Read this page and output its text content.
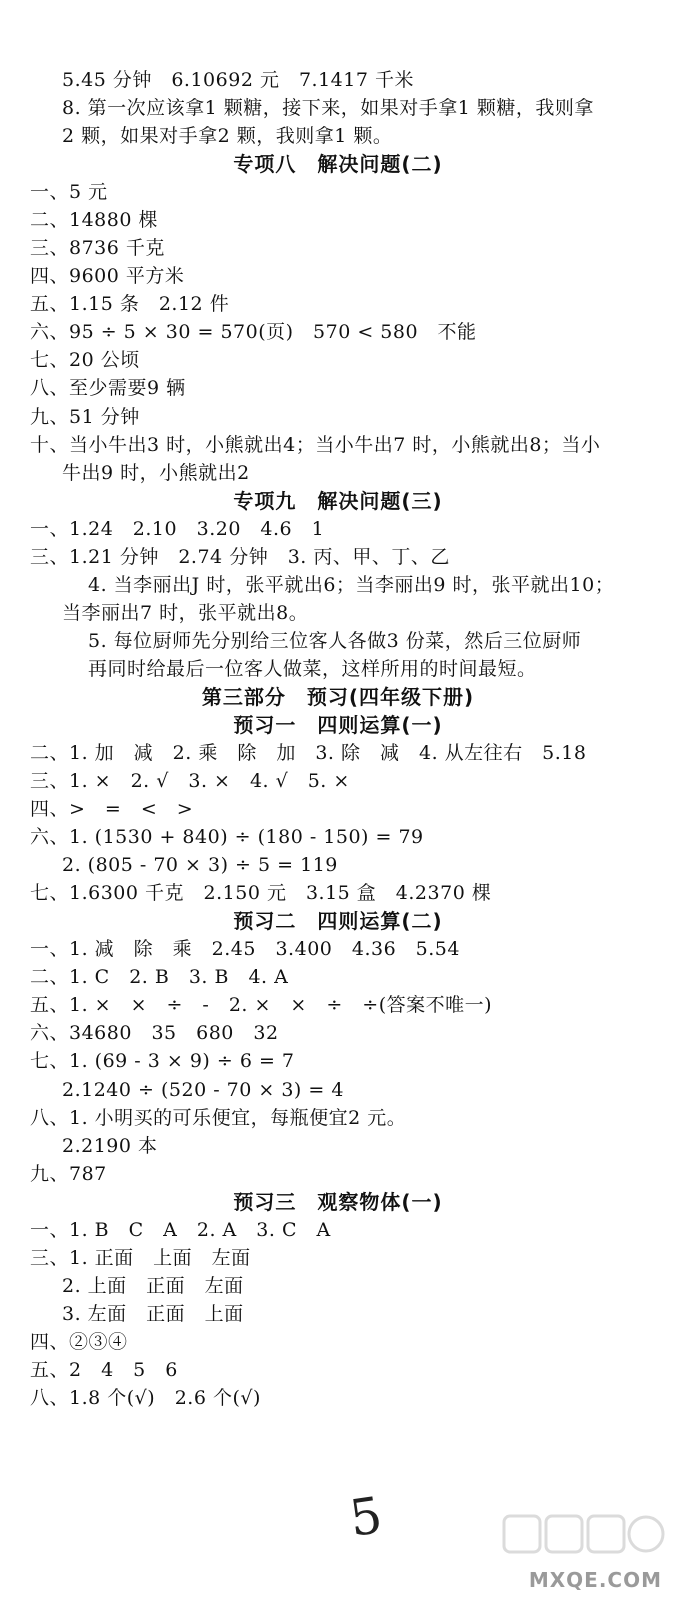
5.45 分钟　6.10692 元　7.1417 千米
8. 第一次应该拿1 颗糖，接下来，如果对手拿1 颗糖，我则拿
2 颗，如果对手拿2 颗，我则拿1 颗。
专项八　解决问题(二)
一、5 元
二、14880 棵
三、8736 千克
四、9600 平方米
五、1.15 条　2.12 件
六、95 ÷ 5 × 30 = 570(页)　570 < 580　不能
七、20 公顷
八、至少需要9 辆
九、51 分钟
十、当小牛出3 时，小熊就出4；当小牛出7 时，小熊就出8；当小
牛出9 时，小熊就出2
专项九　解决问题(三)
一、1.24　2.10　3.20　4.6　1
三、1.21 分钟　2.74 分钟　3. 丙、甲、丁、乙
4. 当李丽出J 时，张平就出6；当李丽出9 时，张平就出10；
当李丽出7 时，张平就出8。
5. 每位厨师先分别给三位客人各做3 份菜，然后三位厨师
再同时给最后一位客人做菜，这样所用的时间最短。
第三部分　预习(四年级下册)
预习一　四则运算(一)
二、1. 加　减　2. 乘　除　加　3. 除　减　4. 从左往右　5.18
三、1. ×　2. √　3. ×　4. √　5. ×
四、>　=　<　>
六、1. (1530 + 840) ÷ (180 - 150) = 79
2. (805 - 70 × 3) ÷ 5 = 119
七、1.6300 千克　2.150 元　3.15 盒　4.2370 棵
预习二　四则运算(二)
一、1. 减　除　乘　2.45　3.400　4.36　5.54
二、1. C　2. B　3. B　4. A
五、1. ×　×　÷　-　2. ×　×　÷　÷(答案不唯一)
六、34680　35　680　32
七、1. (69 - 3 × 9) ÷ 6 = 7
2.1240 ÷ (520 - 70 × 3) = 4
八、1. 小明买的可乐便宜，每瓶便宜2 元。
2.2190 本
九、787
预习三　观察物体(一)
一、1. B　C　A　2. A　3. C　A
三、1. 正面　上面　左面
2. 上面　正面　左面
3. 左面　正面　上面
四、②③④
五、2　4　5　6
八、1.8 个(√)　2.6 个(√)
5
MXQE.COM
